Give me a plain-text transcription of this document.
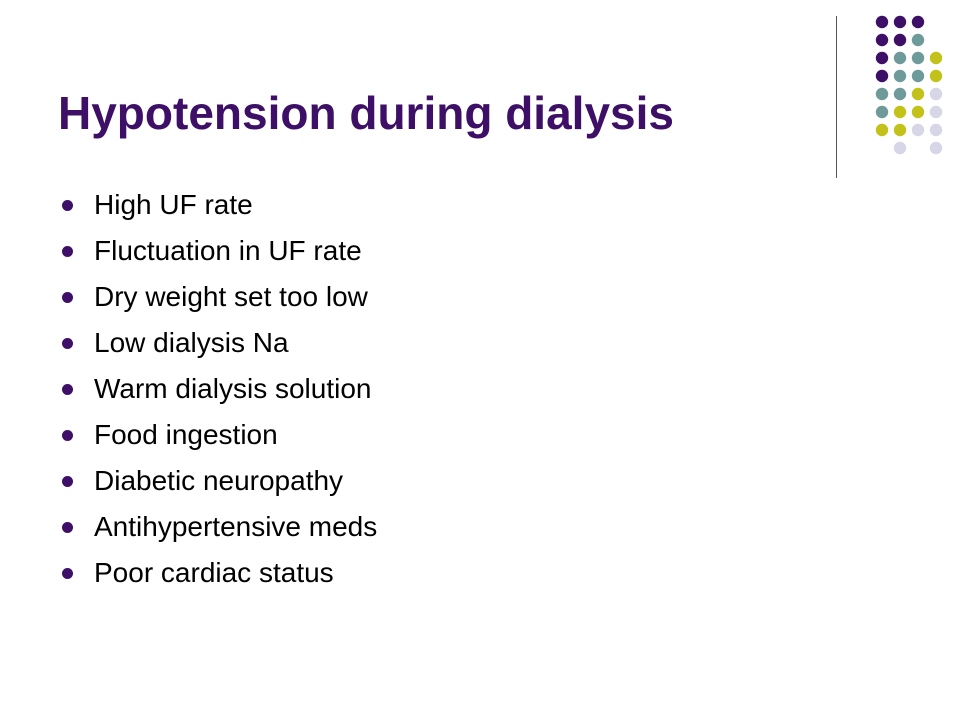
Hypotension during dialysis
High UF rate
Fluctuation in UF rate
Dry weight set too low
Low dialysis Na
Warm dialysis solution
Food ingestion
Diabetic neuropathy
Antihypertensive meds
Poor cardiac status
